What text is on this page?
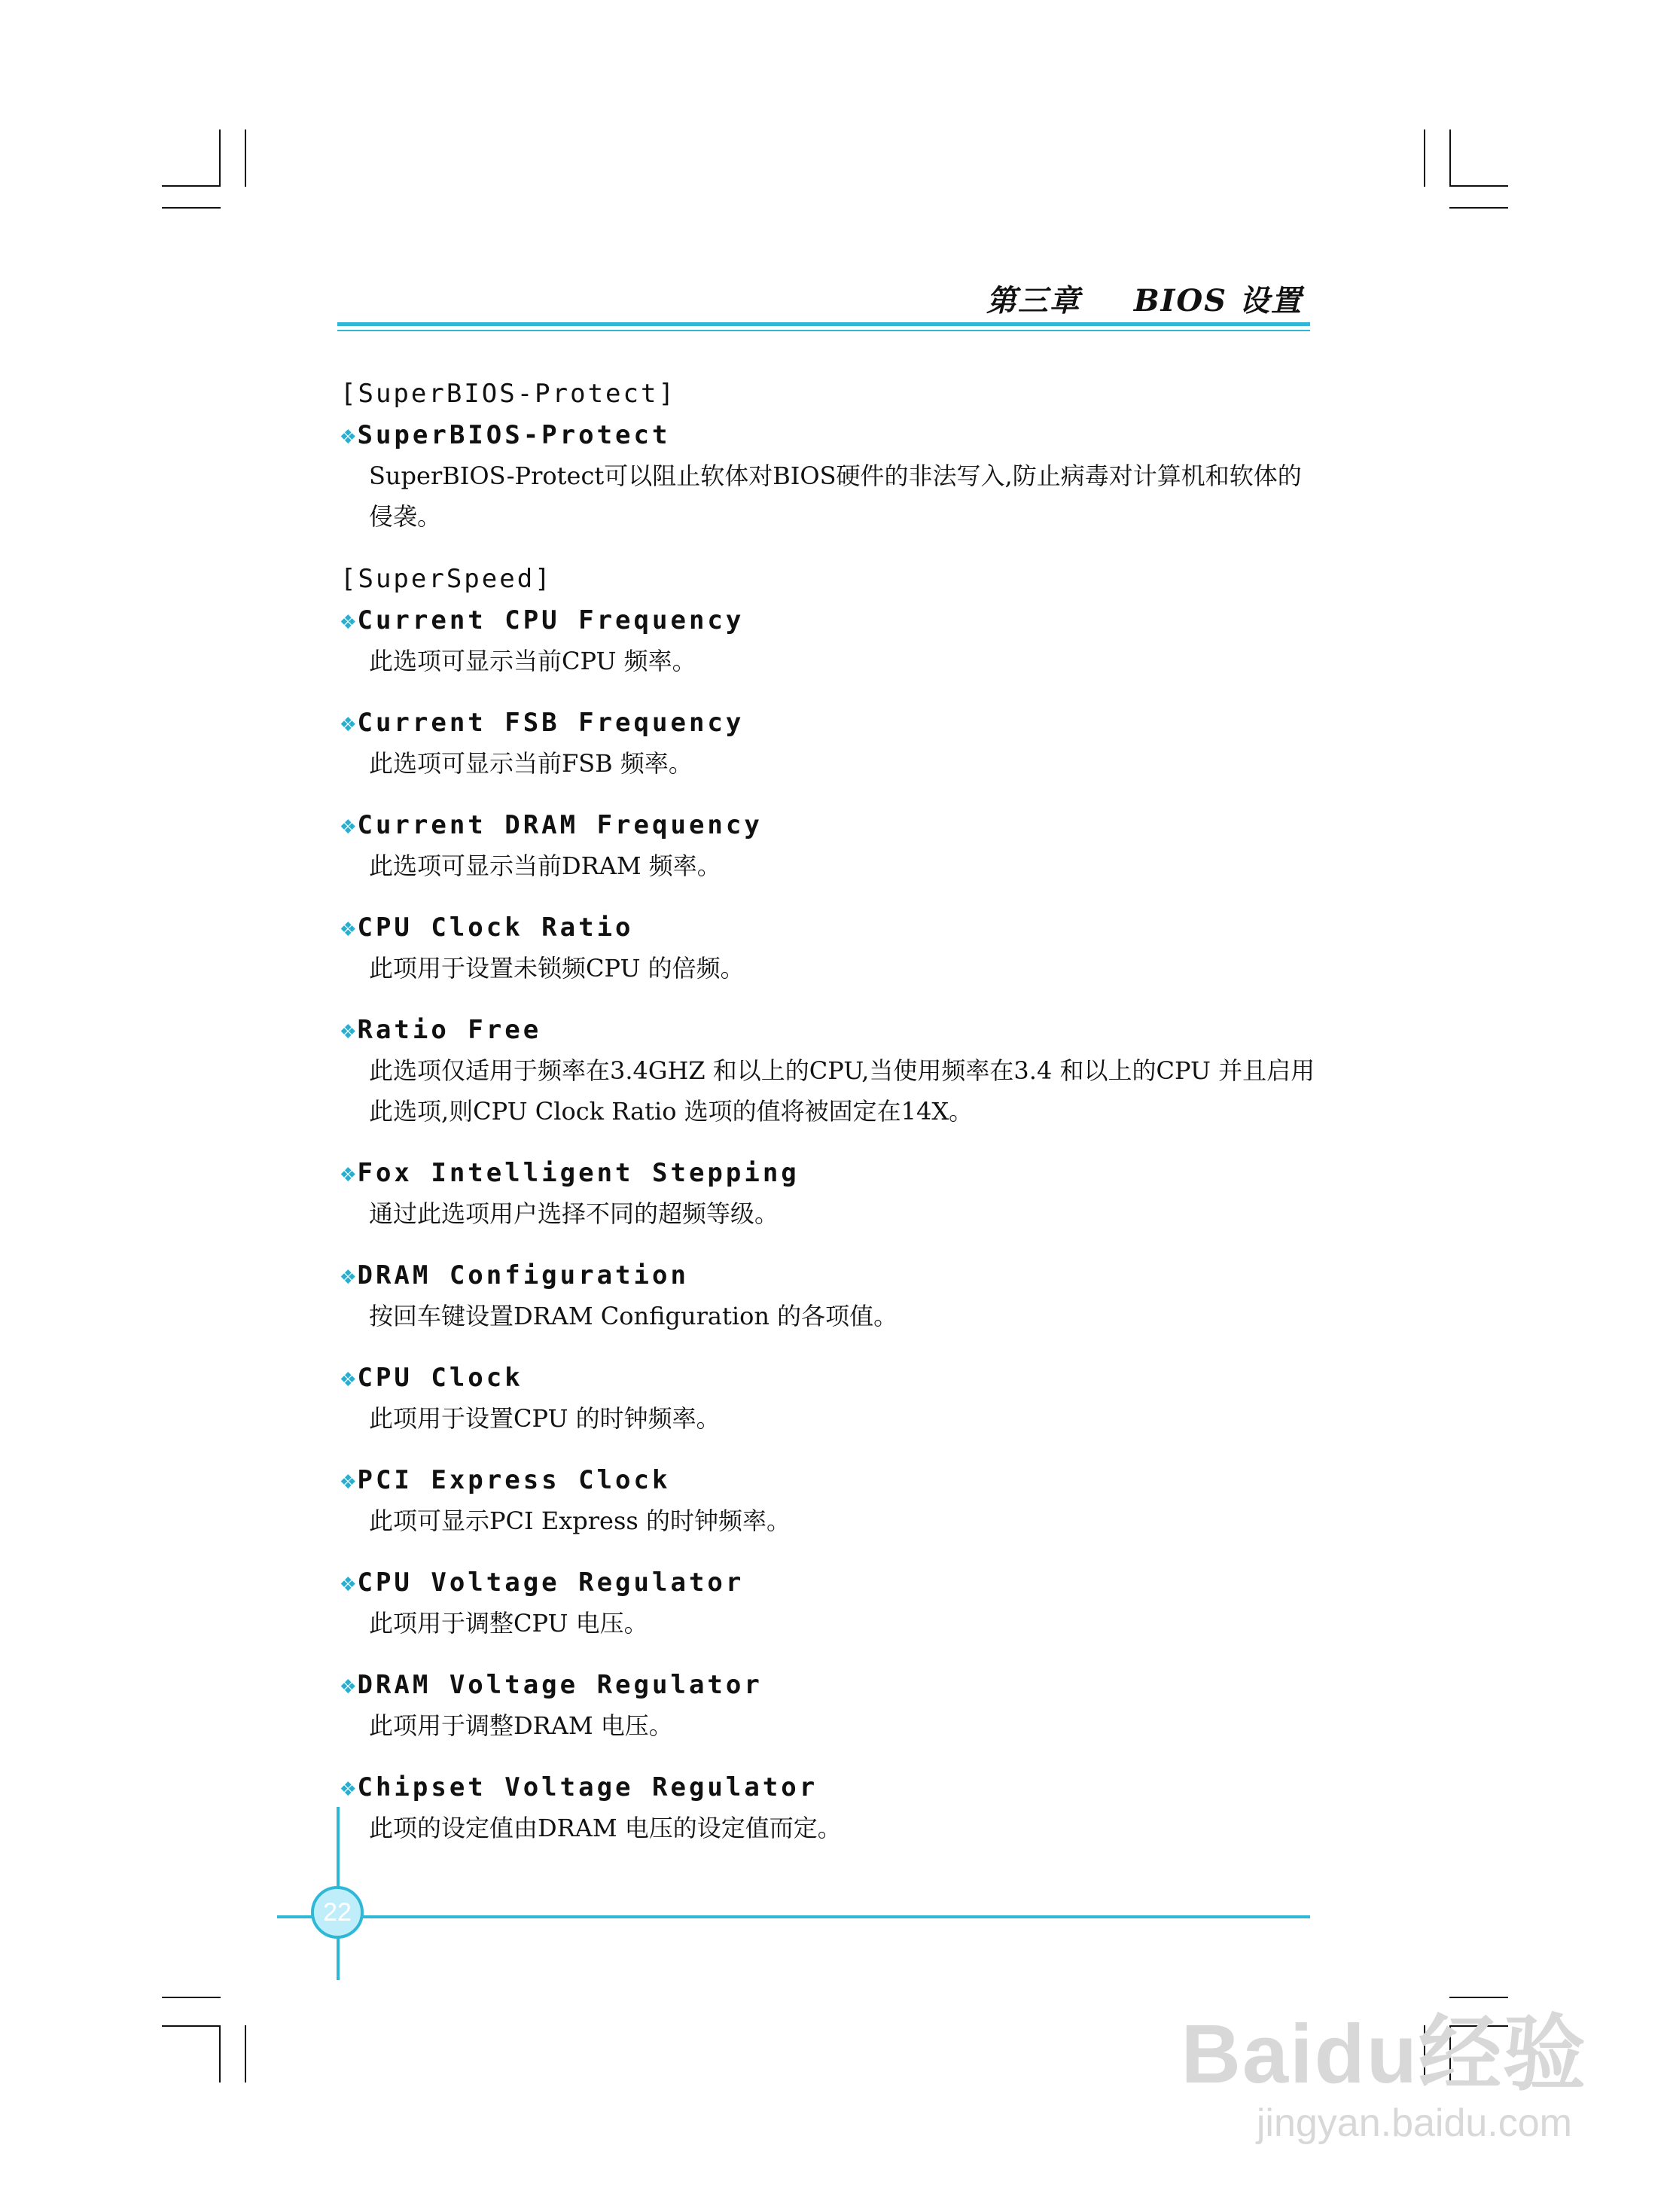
第三章 BIOS 设置
[SuperBIOS-Protect]
❖SuperBIOS-Protect
SuperBIOS-Protect可以阻止软体对BIOS硬件的非法写入,防止病毒对计算机和软体的侵袭。
[SuperSpeed]
❖Current CPU Frequency
此选项可显示当前CPU 频率。
❖Current FSB Frequency
此选项可显示当前FSB 频率。
❖Current DRAM Frequency
此选项可显示当前DRAM 频率。
❖CPU Clock Ratio
此项用于设置未锁频CPU 的倍频。
❖Ratio Free
此选项仅适用于频率在3.4GHZ 和以上的CPU,当使用频率在3.4 和以上的CPU 并且启用此选项,则CPU Clock Ratio 选项的值将被固定在14X。
❖Fox Intelligent Stepping
通过此选项用户选择不同的超频等级。
❖DRAM Configuration
按回车键设置DRAM Configuration 的各项值。
❖CPU Clock
此项用于设置CPU 的时钟频率。
❖PCI Express Clock
此项可显示PCI Express 的时钟频率。
❖CPU Voltage Regulator
此项用于调整CPU 电压。
❖DRAM Voltage Regulator
此项用于调整DRAM 电压。
❖Chipset Voltage Regulator
此项的设定值由DRAM 电压的设定值而定。
22
Baidu经验
jingyan.baidu.com
